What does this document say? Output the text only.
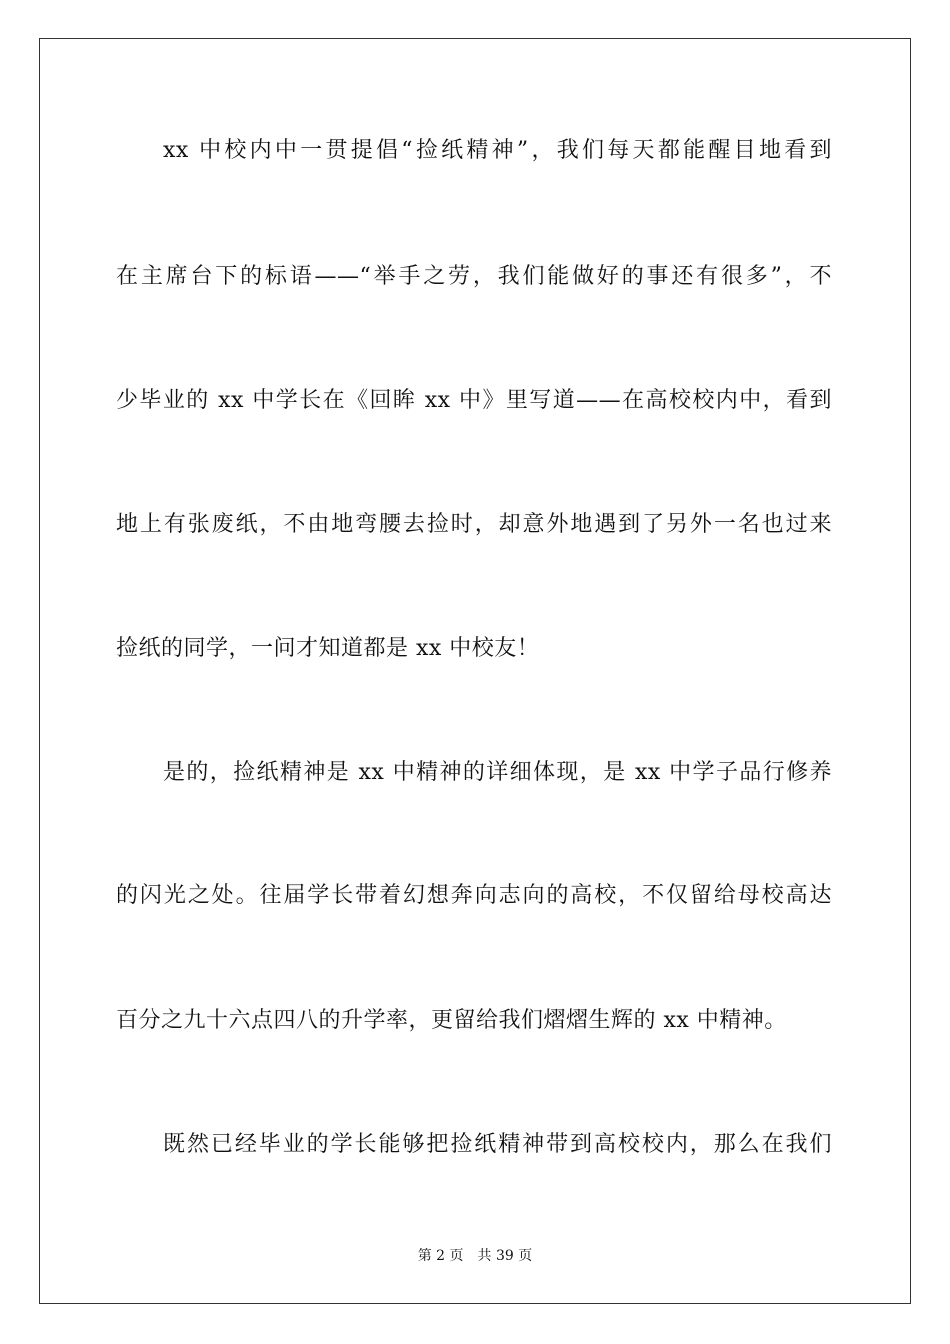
xx 中校内中一贯提倡“捡纸精神”，我们每天都能醒目地看到
在主席台下的标语——“举手之劳，我们能做好的事还有很多”，不
少毕业的 xx 中学长在《回眸 xx 中》里写道——在高校校内中，看到
地上有张废纸，不由地弯腰去捡时，却意外地遇到了另外一名也过来
捡纸的同学，一问才知道都是 xx 中校友！
是的，捡纸精神是 xx 中精神的详细体现，是 xx 中学子品行修养
的闪光之处。往届学长带着幻想奔向志向的高校，不仅留给母校高达
百分之九十六点四八的升学率，更留给我们熠熠生辉的 xx 中精神。
既然已经毕业的学长能够把捡纸精神带到高校校内，那么在我们
第 2 页 共 39 页
